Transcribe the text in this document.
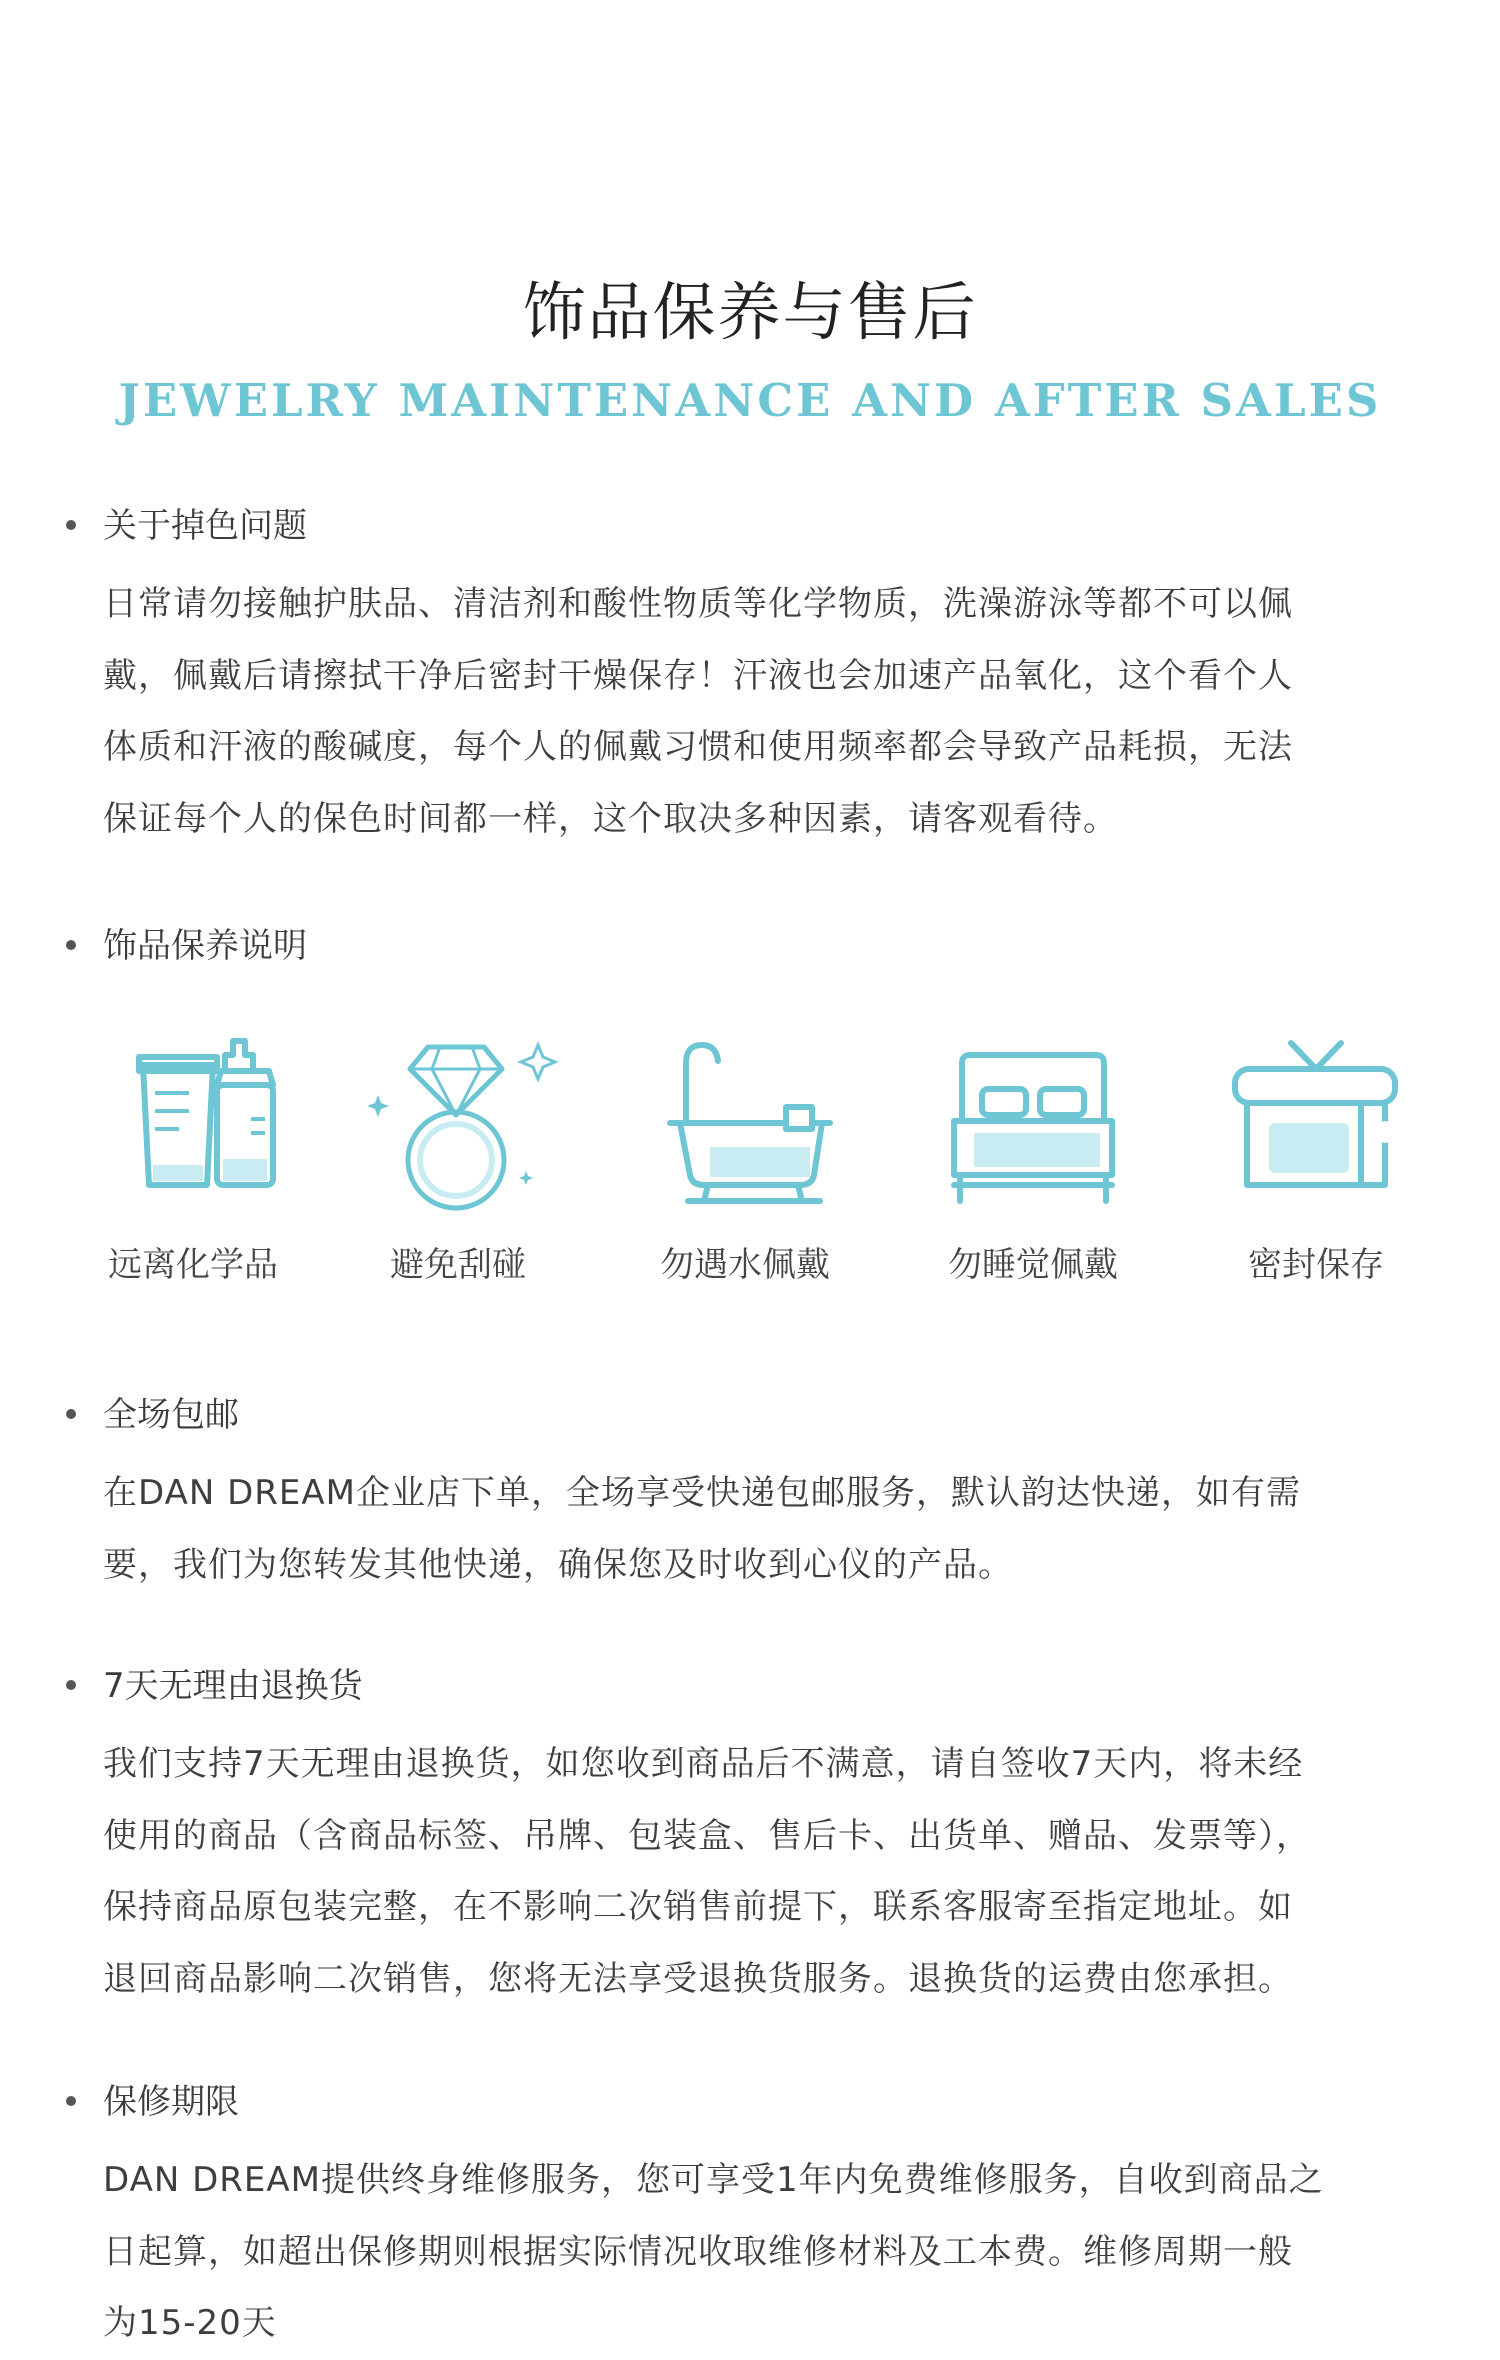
饰品保养与售后
JEWELRY MAINTENANCE AND AFTER SALES
关于掉色问题
日常请勿接触护肤品、清洁剂和酸性物质等化学物质，洗澡游泳等都不可以佩
戴，佩戴后请擦拭干净后密封干燥保存！汗液也会加速产品氧化，这个看个人
体质和汗液的酸碱度，每个人的佩戴习惯和使用频率都会导致产品耗损，无法
保证每个人的保色时间都一样，这个取决多种因素，请客观看待。
饰品保养说明
远离化学品	避免刮碰	勿遇水佩戴	勿睡觉佩戴	密封保存
全场包邮
在DAN DREAM企业店下单，全场享受快递包邮服务，默认韵达快递，如有需
要，我们为您转发其他快递，确保您及时收到心仪的产品。
7天无理由退换货
我们支持7天无理由退换货，如您收到商品后不满意，请自签收7天内，将未经
使用的商品（含商品标签、吊牌、包装盒、售后卡、出货单、赠品、发票等），
保持商品原包装完整，在不影响二次销售前提下，联系客服寄至指定地址。如
退回商品影响二次销售，您将无法享受退换货服务。退换货的运费由您承担。
保修期限
DAN DREAM提供终身维修服务，您可享受1年内免费维修服务，自收到商品之
日起算，如超出保修期则根据实际情况收取维修材料及工本费。维修周期一般
为15-20天
